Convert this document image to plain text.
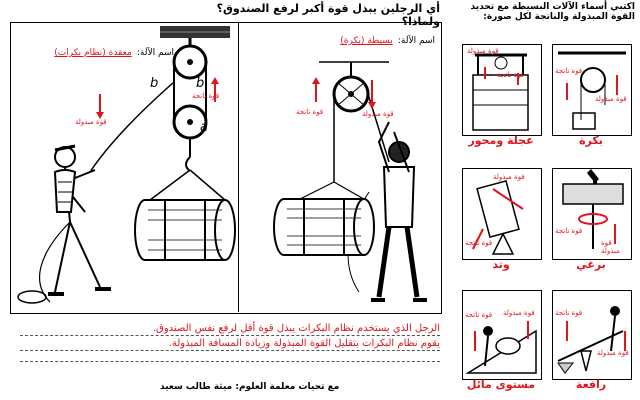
أي الرجلين يبذل قوة أكبر لرفع الصندوق؟ ولماذا؟
اسم الآلة: معقدة (نظام بكرات)
b	b
a
قوة مبذولة
قوة ناتجة
اسم الآلة: بسيطة (بكرة)
قوة ناتجة	قوة مبذولة
الرجل الذي يستخدم نظام البكرات يبذل قوة أقل لرفع نفس الصندوق.
يقوم نظام البكرات بتقليل القوة المبذولة وزيادة المسافة المبذولة.
مع تحيات معلمة العلوم: ميثة طالب سعيد
اكتبي أسماء الآلات البسيطة مع تحديد
القوة المبذولة والناتجة لكل صورة:
قوة مبذولة
قوة ناتجة
عجلة ومحور
قوة مبذولة
قوة ناتجة
بكرة
قوة مبذولة
قوة ناتجة
وتد
قوة ناتجة
قوة مبذولة
برغي
قوة ناتجة قوة مبذولة
مستوى مائل
قوة ناتجة
قوة مبذولة
رافعة
